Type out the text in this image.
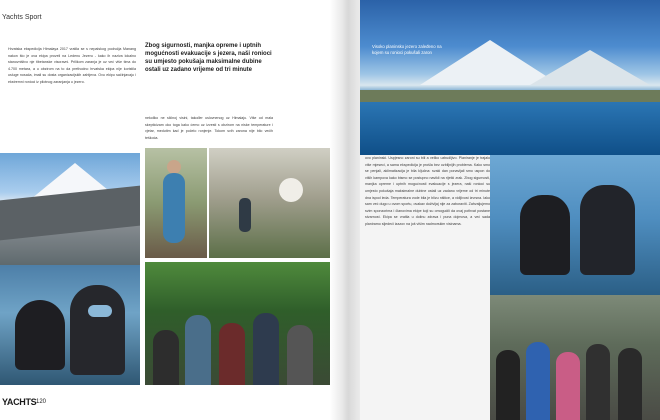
Yachts Sport
Hrvatska ekspedicija Himalaya 2017 vratila se s nepalskog područja Manang nakon što je ova ekipa proveli na Ledenu Jezeru - kako ih naziva lokalno stanovništvo nje tibetanske visoravni. Prilikom zaranja je uz već više tima do 4.700 metara, a u obzirom na to da prethodno hrvatska ekipa nije koristila usluge nosača, imali su dosta organizacijskih zahtjeva. Ovu ekipu sačinjavaju i ekstremni ronioci iz pilotnog zaranjanja u jezero.
Zbog sigurnosti, manjka opreme i uptnih mogućnosti evakuacije s jezera, naši ronioci su umjesto pokušaja maksimalne dubine ostali uz zadano vrijeme od tri minute
nekoliko ne sličnoj visini, također uslovnenog uz Himalaju. Više od mala skepticizam oko toga kako ćemo uz izvesti s obzirom na niske temperature i vjetar, medutim kad je počelo ronjenje. Tokom svih zarona nije bilo većih teškoća.
YACHTS 120
ovo planinski. Uspjesno zaroni su bili a veliko uzbudljivo. Planiranje je trajalo više mjeseci, a sama ekspedicija je prošla bez ozbiljnijih problema. Kako smo se penjali, aklimatizacija je bila ključna: svaki dan ponavljali smo uspon do viših kampova kako bismo se postupno navikli na rijetki zrak. Zbog sigurnosti, manjka opreme i uptnih mogućnosti evakuacije s jezera, naši ronioci su umjesto pokušaja maksimalne dubine ostali uz zadano vrijeme od tri minute dna ispod leda. Temperatura vode bila je blizu ništice, a vidljivost izvrsna. Iako sam već dugo u ovom sportu, ovakav doživljaj nije za zaboraviti. Zahvaljujemo svim sponzorima i članovima ekipe koji su omogućili da ovaj pothvat postane stvarnost. Ekipa se vratila u dolinu zdrava i puna dojmova, a već sada planiramo sljedeći izazov na još višim nadmorskim visinama.
Visoko planinsko jezero zaleđeno na kojem su ronioci pokušali zaron
